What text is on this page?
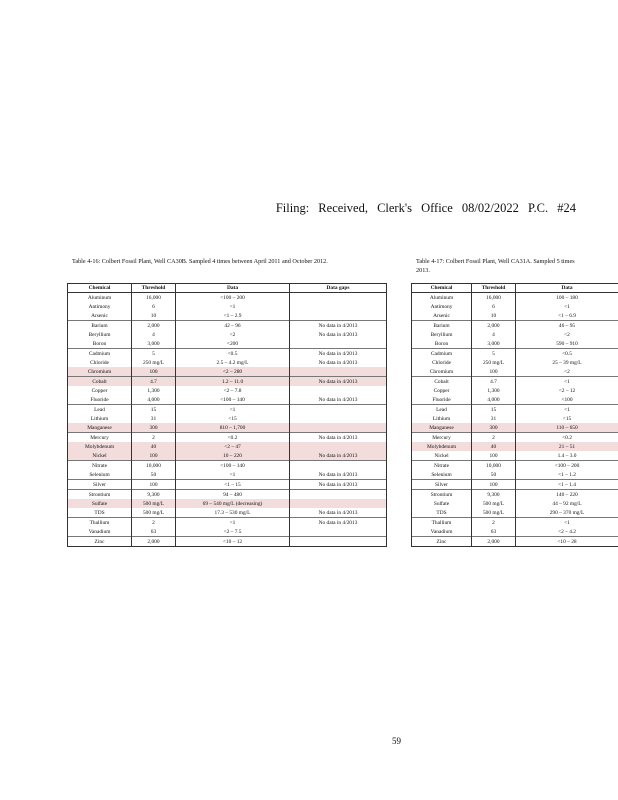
Filing: Received, Clerk's Office 08/02/2022 P.C. #24
Table 4-16: Colbert Fossil Plant, Well CA30B. Sampled 4 times between April 2011 and October 2012.	Table 4-17: Colbert Fossil Plant, Well CA31A. Sampled 5 times
2013.
Chemical	Threshold	Data	Data gaps
Aluminum	16,000	<100 – 200	
Antimony	6	<1	
Arsenic	10	<1 – 2.9	
Barium	2,000	42 – 96	No data in 4/2013
Beryllium	4	<2	No data in 4/2013
Boron	3,000	<200	
Cadmium	5	<0.5	No data in 4/2013
Chloride	250 mg/L	2.5 – 4.2 mg/L	No data in 4/2013
Chromium	100	<2 – 280	
Cobalt	4.7	1.2 – 11.0	No data in 4/2013
Copper	1,300	<2 – 7.8	
Fluoride	4,000	<100 – 140	No data in 4/2013
Lead	15	<1	
Lithium	31	<15	
Manganese	300	810 – 1,700	
Mercury	2	<0.2	No data in 4/2013
Molybdenum	40	<2 – 47	
Nickel	100	10 – 220	No data in 4/2013
Nitrate	10,000	<100 – 140	
Selenium	50	<1	No data in 4/2013
Silver	100	<1 – 15	No data in 4/2013
Strontium	9,300	94 – 480	
Sulfate	500 mg/L	69 – 540 mg/L (decreasing)	
TDS	500 mg/L	17.3 – 530 mg/L	No data in 4/2013
Thallium	2	<1	No data in 4/2013
Vanadium	63	<2 – 7.5	
Zinc	2,000	<10 – 12	
Chemical	Threshold	Data
Aluminum	16,000	100 – 180
Antimony	6	<1
Arsenic	10	<1 – 6.9
Barium	2,000	46 – 95
Beryllium	4	<2
Boron	3,000	590 – 910
Cadmium	5	<0.5
Chloride	250 mg/L	25 – 39 mg/L
Chromium	100	<2
Cobalt	4.7	<1
Copper	1,300	<2 – 12
Fluoride	4,000	<100
Lead	15	<1
Lithium	31	<15
Manganese	300	110 – 650
Mercury	2	<0.2
Molybdenum	40	21 – 51
Nickel	100	1.4 – 3.0
Nitrate	10,000	<100 – 200
Selenium	50	<1 – 1.2
Silver	100	<1 – 1.4
Strontium	9,300	140 – 220
Sulfate	500 mg/L	44 – 92 mg/L
TDS	500 mg/L	290 – 370 mg/L
Thallium	2	<1
Vanadium	63	<2 – 4.2
Zinc	2,000	<10 – 28
59
